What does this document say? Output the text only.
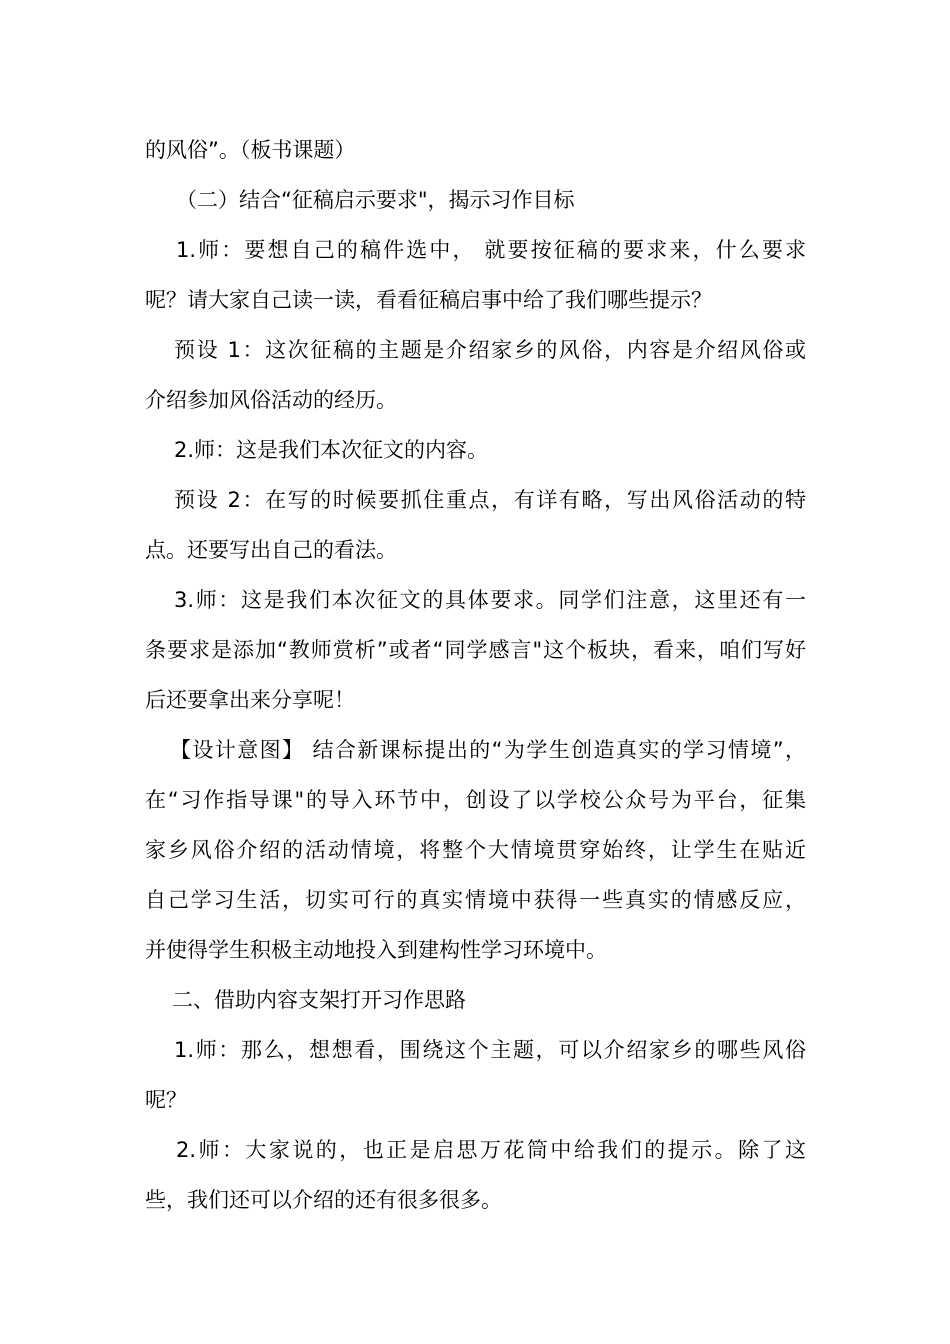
的风俗”。（板书课题）
（二）结合“征稿启示要求"，揭示习作目标
1.师：要想自己的稿件选中， 就要按征稿的要求来，什么要求
呢？请大家自己读一读，看看征稿启事中给了我们哪些提示？
预设 1：这次征稿的主题是介绍家乡的风俗，内容是介绍风俗或
介绍参加风俗活动的经历。
2.师：这是我们本次征文的内容。
预设 2：在写的时候要抓住重点，有详有略，写出风俗活动的特
点。还要写出自己的看法。
3.师：这是我们本次征文的具体要求。同学们注意，这里还有一
条要求是添加“教师赏析”或者“同学感言"这个板块，看来，咱们写好
后还要拿出来分享呢！
【设计意图】 结合新课标提出的“为学生创造真实的学习情境”，
在“习作指导课"的导入环节中，创设了以学校公众号为平台，征集
家乡风俗介绍的活动情境，将整个大情境贯穿始终，让学生在贴近
自己学习生活，切实可行的真实情境中获得一些真实的情感反应，
并使得学生积极主动地投入到建构性学习环境中。
二、借助内容支架打开习作思路
1.师：那么，想想看，围绕这个主题，可以介绍家乡的哪些风俗
呢？
2.师：大家说的，也正是启思万花筒中给我们的提示。除了这
些，我们还可以介绍的还有很多很多。
